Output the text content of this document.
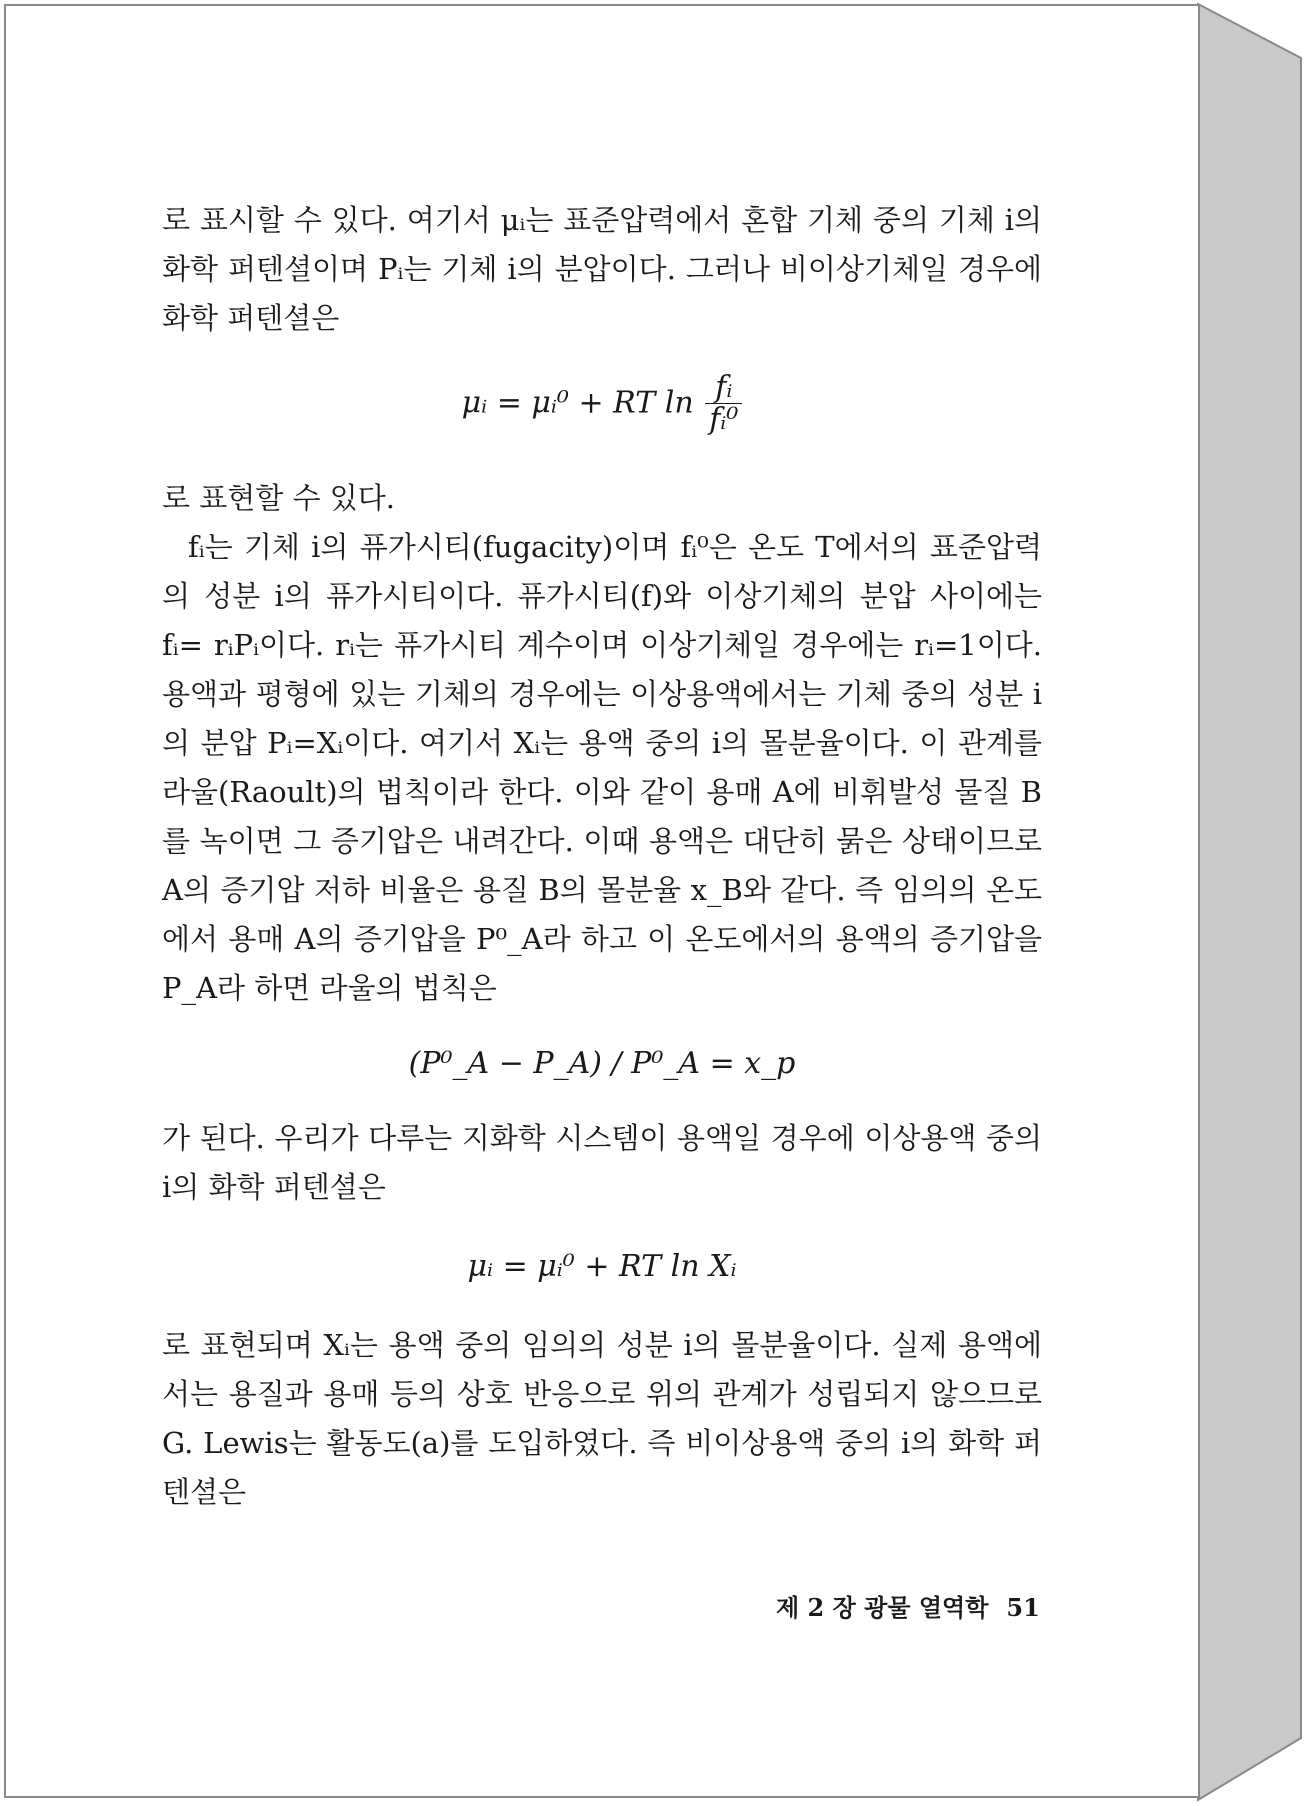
로 표시할 수 있다. 여기서 μᵢ는 표준압력에서 혼합 기체 중의 기체 i의 화학 퍼텐셜이며 Pᵢ는 기체 i의 분압이다. 그러나 비이상기체일 경우에 화학 퍼텐셜은

μᵢ = μᵢ⁰ + RT $\ln \frac{\text{fᵢ}}{\text{fᵢ⁰}}$

로 표현할 수 있다.

fᵢ는 기체 i의 퓨가시티(fugacity)이며 fᵢ⁰은 온도 T에서의 표준압력의 성분 i의 퓨가시티이다. 퓨가시티(f)와 이상기체의 분압 사이에는 fᵢ= rᵢPᵢ이다. rᵢ는 퓨가시티 계수이며 이상기체일 경우에는 rᵢ=1이다. 용액과 평형에 있는 기체의 경우에는 이상용액에서는 기체 중의 성분 i의 분압 Pᵢ=Xᵢ이다. 여기서 Xᵢ는 용액 중의 i의 몰분율이다. 이 관계를 라울(Raoult)의 법칙이라 한다. 이와 같이 용매 A에 비휘발성 물질 B를 녹이면 그 증기압은 내려간다. 이때 용액은 대단히 묽은 상태이므로 A의 증기압 저하 비율은 용질 B의 몰분율 x_B와 같다. 즉 임의의 온도에서 용매 A의 증기압을 P⁰_A라 하고 이 온도에서의 용액의 증기압을 P_A라 하면 라울의 법칙은

(P⁰_A − P_A) / P⁰_A = x_p

가 된다. 우리가 다루는 지화학 시스템이 용액일 경우에 이상용액 중의 i의 화학 퍼텐셜은

μᵢ = μᵢ⁰ + RT ln Xᵢ

로 표현되며 Xᵢ는 용액 중의 임의의 성분 i의 몰분율이다. 실제 용액에서는 용질과 용매 등의 상호 반응으로 위의 관계가 성립되지 않으므로 G. Lewis는 활동도(a)를 도입하였다. 즉 비이상용액 중의 i의 화학 퍼텐셜은

제 2 장 광물 열역학 51
